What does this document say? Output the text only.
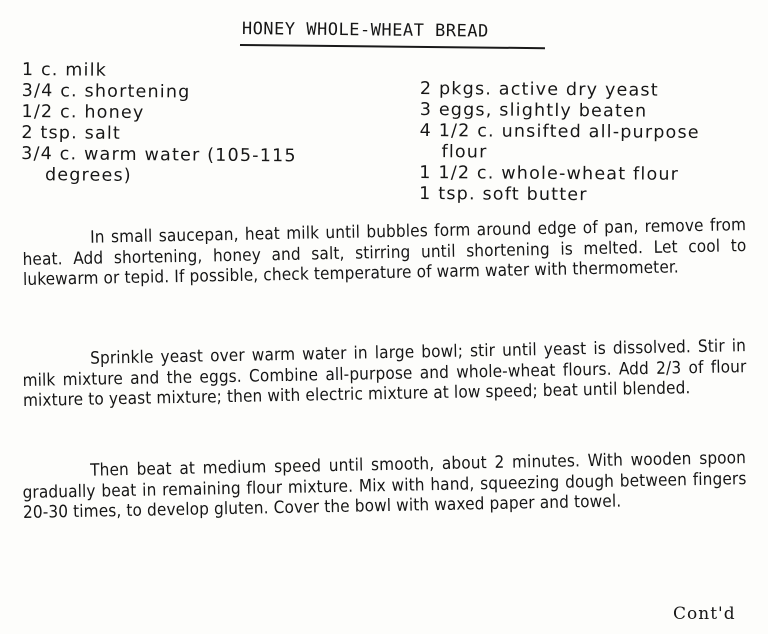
HONEY WHOLE-WHEAT BREAD
1 c. milk
3/4 c. shortening
1/2 c. honey
2 tsp. salt
3/4 c. warm water (105-115
degrees)
2 pkgs. active dry yeast
3 eggs, slightly beaten
4 1/2 c. unsifted all-purpose
flour
1 1/2 c. whole-wheat flour
1 tsp. soft butter

In small saucepan, heat milk until bubbles form around edge of pan, remove from heat. Add shortening, honey and salt, stirring until shortening is melted. Let cool to lukewarm or tepid. If possible, check temperature of warm water with thermometer.

Sprinkle yeast over warm water in large bowl; stir until yeast is dissolved. Stir in milk mixture and the eggs. Combine all-purpose and whole-wheat flours. Add 2/3 of flour mixture to yeast mixture; then with electric mixture at low speed; beat until blended.

Then beat at medium speed until smooth, about 2 minutes. With wooden spoon gradually beat in remaining flour mixture. Mix with hand, squeezing dough between fingers 20-30 times, to develop gluten. Cover the bowl with waxed paper and towel.

Cont'd
